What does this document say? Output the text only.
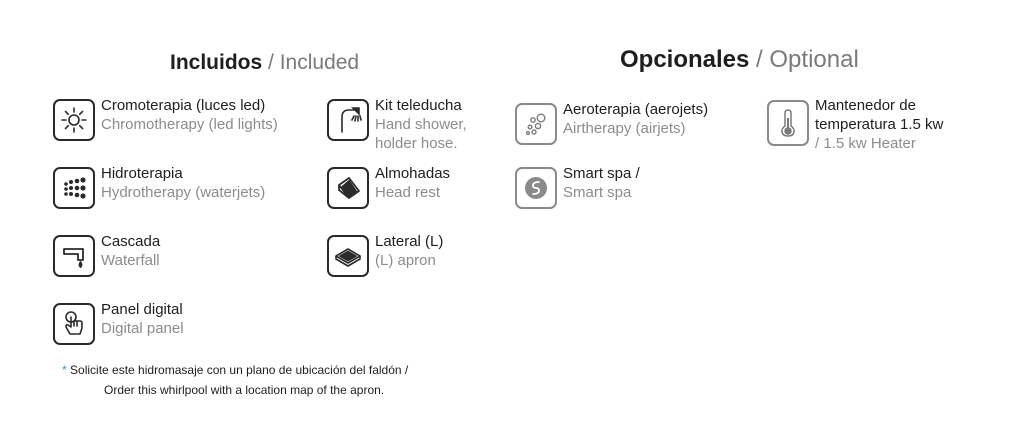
Incluidos / Included	Opcionales / Optional
Cromoterapia (luces led)
Chromotherapy (led lights)
Kit teleducha
Hand shower,
holder hose.
Hidroterapia
Hydrotherapy (waterjets)
Almohadas
Head rest
Cascada
Waterfall
Lateral (L)
(L) apron
Panel digital
Digital panel
Aeroterapia (aerojets)
Airtherapy (airjets)
Mantenedor de
temperatura 1.5 kw
/ 1.5 kw Heater
Smart spa /
Smart spa
* Solicite este hidromasaje con un plano de ubicación del faldón /
Order this whirlpool with a location map of the apron.
